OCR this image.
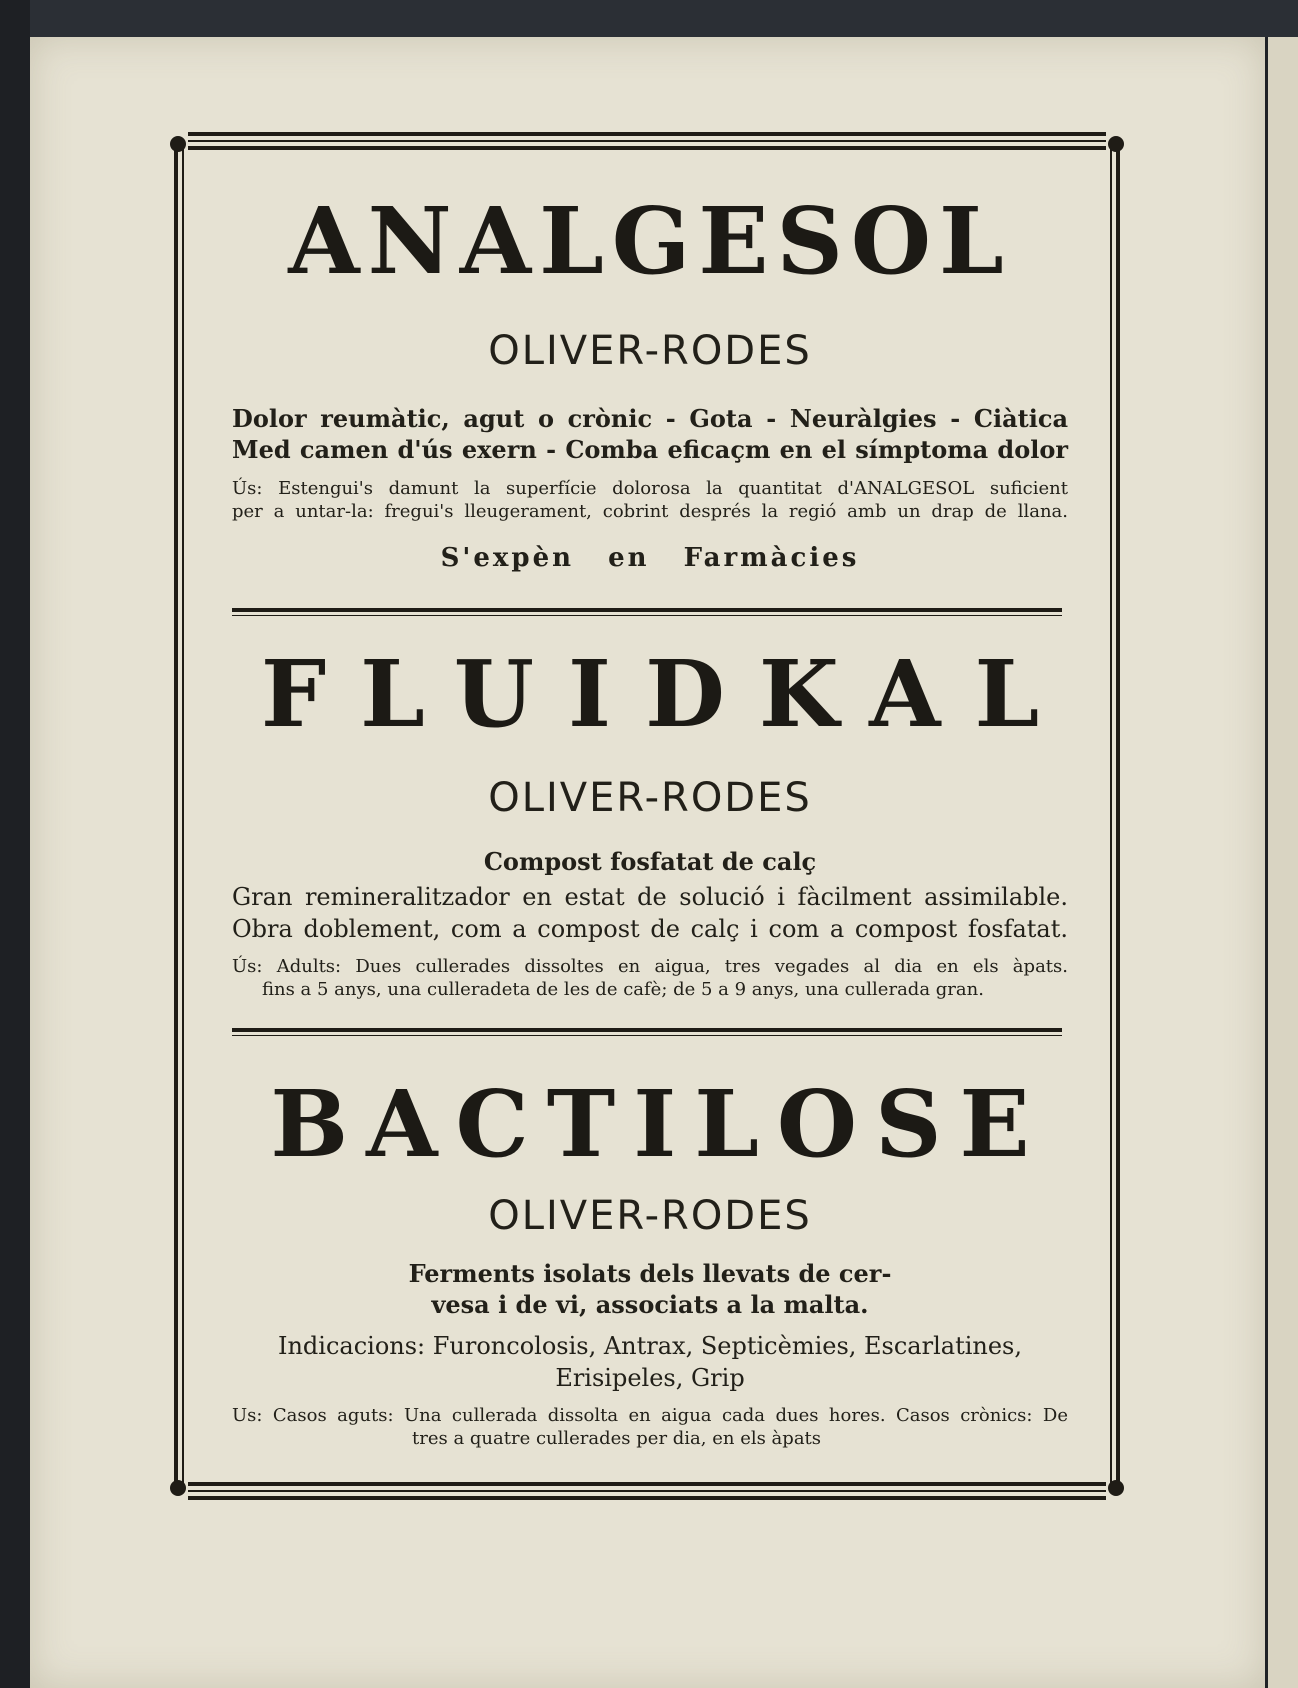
ANALGESOL
OLIVER-RODES
Dolor reumàtic, agut o crònic - Gota - Neuràlgies - Ciàtica
Med camen d'ús exern - Comba eficaçm en el símptoma dolor
Ús: Estengui's damunt la superfície dolorosa la quantitat d'ANALGESOL suficient
per a untar-la: fregui's lleugerament, cobrint després la regió amb un drap de llana.
S'expèn en Farmàcies
FLUIDKAL
OLIVER-RODES
Compost fosfatat de calç
Gran remineralitzador en estat de solució i fàcilment assimilable.
Obra doblement, com a compost de calç i com a compost fosfatat.
Ús: Adults: Dues cullerades dissoltes en aigua, tres vegades al dia en els àpats.
fins a 5 anys, una culleradeta de les de cafè; de 5 a 9 anys, una cullerada gran.
BACTILOSE
OLIVER-RODES
Ferments isolats dels llevats de cer-
vesa i de vi, associats a la malta.
Indicacions: Furoncolosis, Antrax, Septicèmies, Escarlatines,
Erisipeles, Grip
Us: Casos aguts: Una cullerada dissolta en aigua cada dues hores. Casos crònics: De
tres a quatre cullerades per dia, en els àpats
